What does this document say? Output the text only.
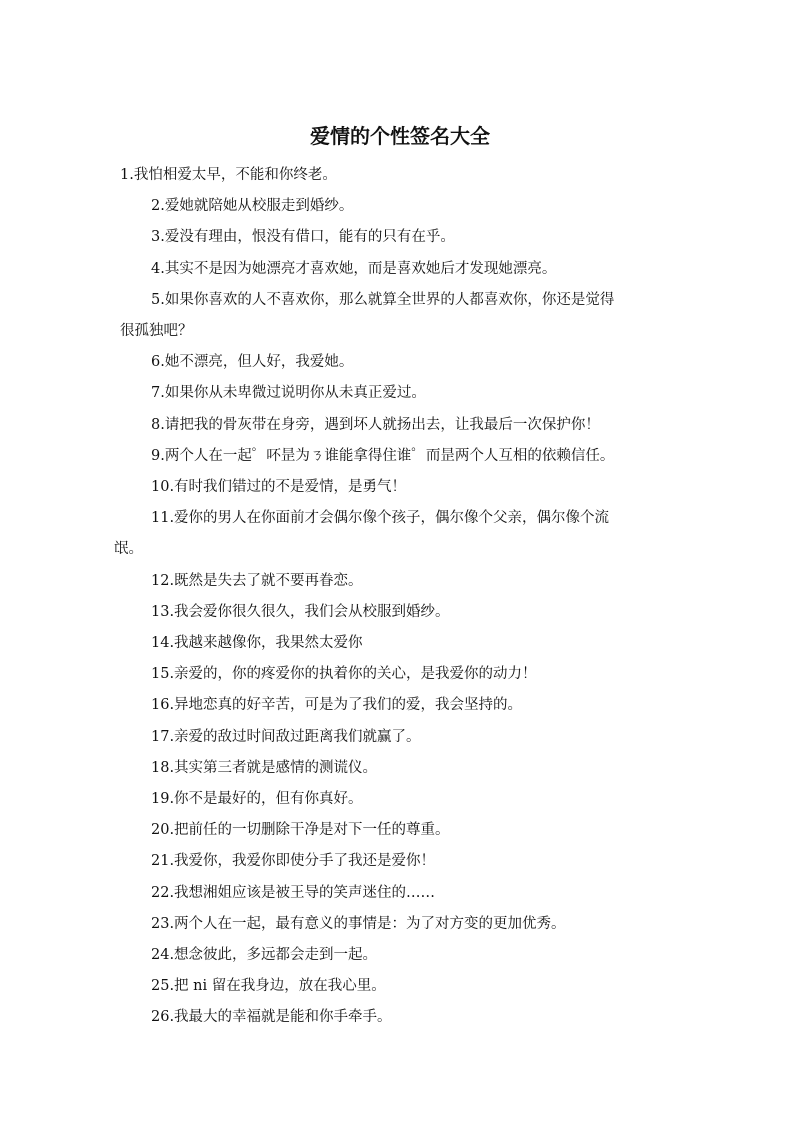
爱情的个性签名大全

1.我怕相爱太早，不能和你终老。

2.爱她就陪她从校服走到婚纱。

3.爱没有理由，恨没有借口，能有的只有在乎。

4.其实不是因为她漂亮才喜欢她，而是喜欢她后才发现她漂亮。

5.如果你喜欢的人不喜欢你，那么就算全世界的人都喜欢你，你还是觉得

很孤独吧？

6.她不漂亮，但人好，我爱她。

7.如果你从未卑微过说明你从未真正爱过。

8.请把我的骨灰带在身旁，遇到坏人就扬出去，让我最后一次保护你！

9.两个人在一起゜吥昰为ㄋ谁能拿得住谁゜而昰两个人互相的依赖信任。

10.有时我们错过的不是爱情，是勇气！

11.爱你的男人在你面前才会偶尔像个孩子，偶尔像个父亲，偶尔像个流

氓。

12.既然是失去了就不要再眷恋。

13.我会爱你很久很久，我们会从校服到婚纱。

14.我越来越像你，我果然太爱你

15.亲爱的，你的疼爱你的执着你的关心，是我爱你的动力！

16.异地恋真的好辛苦，可是为了我们的爱，我会坚持的。

17.亲爱的敌过时间敌过距离我们就赢了。

18.其实第三者就是感情的测谎仪。

19.你不是最好的，但有你真好。

20.把前任的一切删除干净是对下一任的尊重。

21.我爱你，我爱你即使分手了我还是爱你！

22.我想湘姐应该是被王导的笑声迷住的……

23.两个人在一起，最有意义的事情是：为了对方变的更加优秀。

24.想念彼此，多远都会走到一起。

25.把 ni 留在我身边，放在我心里。

26.我最大的幸福就是能和你手牵手。
